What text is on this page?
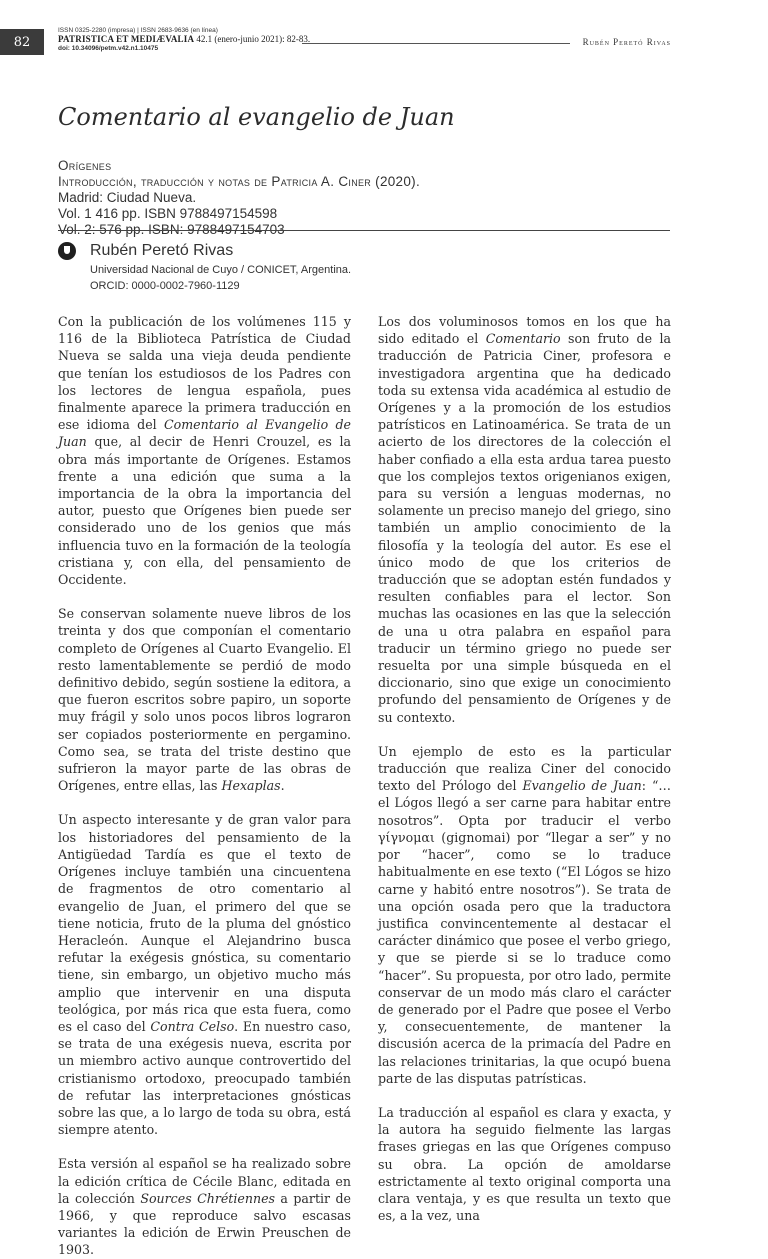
82
ISSN 0325-2280 (impresa) | ISSN 2683-9636 (en línea)
PATRISTICA ET MEDIÆVALIA 42.1 (enero-junio 2021): 82-83.
doi: 10.34096/petm.v42.n1.10475
Rubén Peretó Rivas
Comentario al evangelio de Juan
Orígenes
Introducción, traducción y notas de Patricia A. Ciner (2020).
Madrid: Ciudad Nueva.
Vol. 1 416 pp. ISBN 9788497154598
Vol. 2: 576 pp. ISBN: 9788497154703
Rubén Peretó Rivas
Universidad Nacional de Cuyo / CONICET, Argentina.
ORCID: 0000-0002-7960-1129

Con la publicación de los volúmenes 115 y 116 de la Biblioteca Patrística de Ciudad Nueva se salda una vieja deuda pendiente que tenían los estudiosos de los Padres con los lectores de lengua española, pues finalmente aparece la primera traducción en ese idioma del Comentario al Evangelio de Juan que, al decir de Henri Crouzel, es la obra más importante de Orígenes. Estamos frente a una edición que suma a la importancia de la obra la importancia del autor, puesto que Orígenes bien puede ser considerado uno de los genios que más influencia tuvo en la formación de la teología cristiana y, con ella, del pensamiento de Occidente.

Se conservan solamente nueve libros de los treinta y dos que componían el comentario completo de Orígenes al Cuarto Evangelio. El resto lamentablemente se perdió de modo definitivo debido, según sostiene la editora, a que fueron escritos sobre papiro, un soporte muy frágil y solo unos pocos libros lograron ser copiados posteriormente en pergamino. Como sea, se trata del triste destino que sufrieron la mayor parte de las obras de Orígenes, entre ellas, las Hexaplas.

Un aspecto interesante y de gran valor para los historiadores del pensamiento de la Antigüedad Tardía es que el texto de Orígenes incluye también una cincuentena de fragmentos de otro comentario al evangelio de Juan, el primero del que se tiene noticia, fruto de la pluma del gnóstico Heracleón. Aunque el Alejandrino busca refutar la exégesis gnóstica, su comentario tiene, sin embargo, un objetivo mucho más amplio que intervenir en una disputa teológica, por más rica que esta fuera, como es el caso del Contra Celso. En nuestro caso, se trata de una exégesis nueva, escrita por un miembro activo aunque controvertido del cristianismo ortodoxo, preocupado también de refutar las interpretaciones gnósticas sobre las que, a lo largo de toda su obra, está siempre atento.

Esta versión al español se ha realizado sobre la edición crítica de Cécile Blanc, editada en la colección Sources Chrétiennes a partir de 1966, y que reproduce salvo escasas variantes la edición de Erwin Preuschen de 1903.

Los dos voluminosos tomos en los que ha sido editado el Comentario son fruto de la traducción de Patricia Ciner, profesora e investigadora argentina que ha dedicado toda su extensa vida académica al estudio de Orígenes y a la promoción de los estudios patrísticos en Latinoamérica. Se trata de un acierto de los directores de la colección el haber confiado a ella esta ardua tarea puesto que los complejos textos origenianos exigen, para su versión a lenguas modernas, no solamente un preciso manejo del griego, sino también un amplio conocimiento de la filosofía y la teología del autor. Es ese el único modo de que los criterios de traducción que se adoptan estén fundados y resulten confiables para el lector. Son muchas las ocasiones en las que la selección de una u otra palabra en español para traducir un término griego no puede ser resuelta por una simple búsqueda en el diccionario, sino que exige un conocimiento profundo del pensamiento de Orígenes y de su contexto.

Un ejemplo de esto es la particular traducción que realiza Ciner del conocido texto del Prólogo del Evangelio de Juan: “… el Lógos llegó a ser carne para habitar entre nosotros”. Opta por traducir el verbo γίγνομαι (gignomai) por “llegar a ser” y no por “hacer”, como se lo traduce habitualmente en ese texto (“El Lógos se hizo carne y habitó entre nosotros”). Se trata de una opción osada pero que la traductora justifica convincentemente al destacar el carácter dinámico que posee el verbo griego, y que se pierde si se lo traduce como “hacer”. Su propuesta, por otro lado, permite conservar de un modo más claro el carácter de generado por el Padre que posee el Verbo y, consecuentemente, de mantener la discusión acerca de la primacía del Padre en las relaciones trinitarias, la que ocupó buena parte de las disputas patrísticas.

La traducción al español es clara y exacta, y la autora ha seguido fielmente las largas frases griegas en las que Orígenes compuso su obra. La opción de amoldarse estrictamente al texto original comporta una clara ventaja, y es que resulta un texto que es, a la vez, una
